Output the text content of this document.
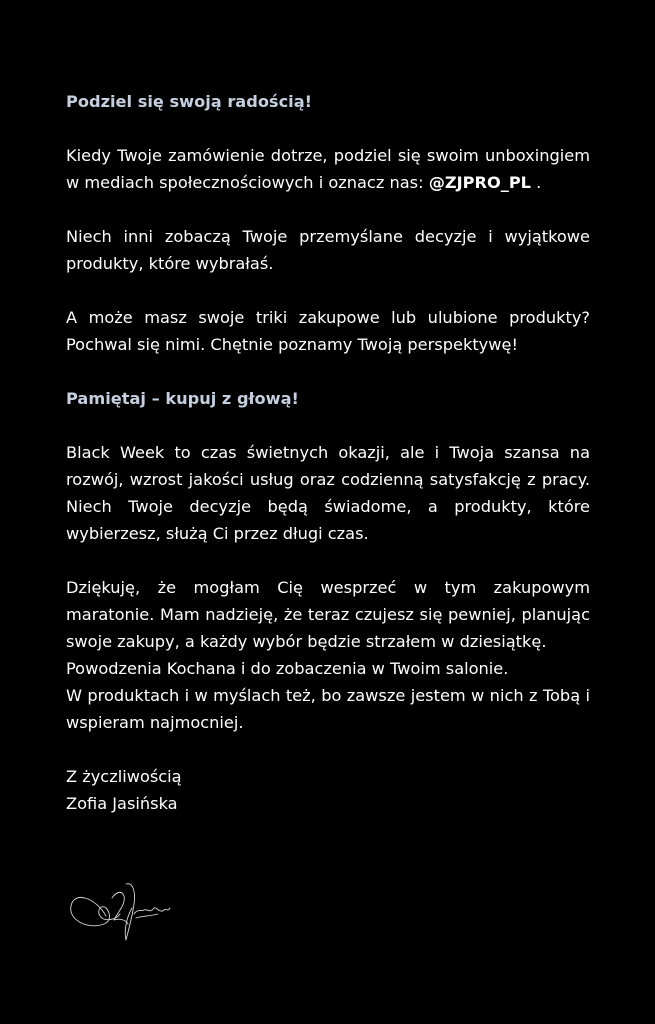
Podziel się swoją radością!

Kiedy Twoje zamówienie dotrze, podziel się swoim unboxingiem w mediach społecznościowych i oznacz nas: @ZJPRO_PL .

Niech inni zobaczą Twoje przemyślane decyzje i wyjątkowe produkty, które wybrałaś.

A może masz swoje triki zakupowe lub ulubione produkty? Pochwal się nimi. Chętnie poznamy Twoją perspektywę!

Pamiętaj – kupuj z głową!

Black Week to czas świetnych okazji, ale i Twoja szansa na rozwój, wzrost jakości usług oraz codzienną satysfakcję z pracy. Niech Twoje decyzje będą świadome, a produkty, które wybierzesz, służą Ci przez długi czas.

Dziękuję, że mogłam Cię wesprzeć w tym zakupowym maratonie. Mam nadzieję, że teraz czujesz się pewniej, planując swoje zakupy, a każdy wybór będzie strzałem w dziesiątkę.

Powodzenia Kochana i do zobaczenia w Twoim salonie.

W produktach i w myślach też, bo zawsze jestem w nich z Tobą i wspieram najmocniej.

Z życzliwością

Zofia Jasińska
